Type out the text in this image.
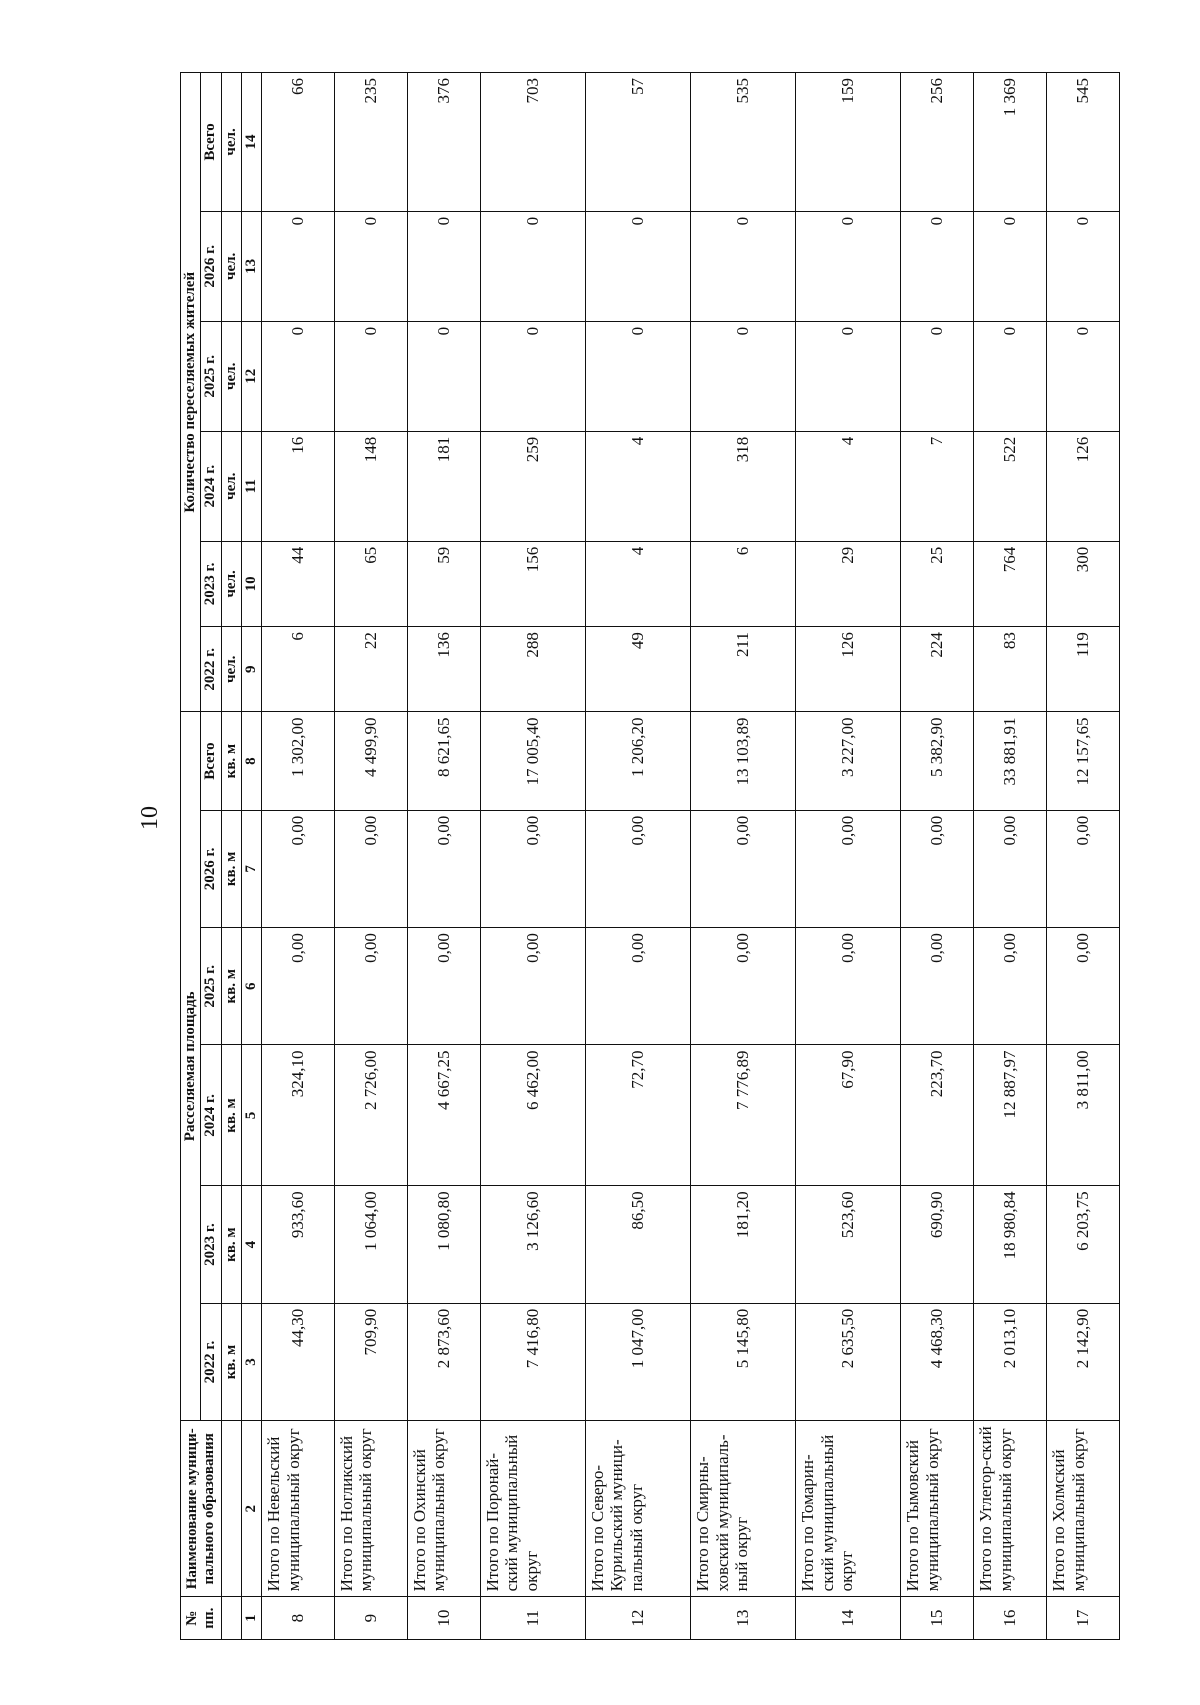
10
№ пп.	Наименование муници-пального образования	Расселяемая площадь						Количество переселяемых жителей					
		2022 г.	2023 г.	2024 г.	2025 г.	2026 г.	Всего	2022 г.	2023 г.	2024 г.	2025 г.	2026 г.	Всего
		кв. м	кв. м	кв. м	кв. м	кв. м	кв. м	чел.	чел.	чел.	чел.	чел.	чел.
1	2	3	4	5	6	7	8	9	10	11	12	13	14
8	Итого по Невельский муниципальный округ	44,30	933,60	324,10	0,00	0,00	1 302,00	6	44	16	0	0	66
9	Итого по Ногликский муниципальный округ	709,90	1 064,00	2 726,00	0,00	0,00	4 499,90	22	65	148	0	0	235
10	Итого по Охинский муниципальный округ	2 873,60	1 080,80	4 667,25	0,00	0,00	8 621,65	136	59	181	0	0	376
11	Итого по Поронай-ский муниципальный округ	7 416,80	3 126,60	6 462,00	0,00	0,00	17 005,40	288	156	259	0	0	703
12	Итого по Северо-Курильский муници-пальный округ	1 047,00	86,50	72,70	0,00	0,00	1 206,20	49	4	4	0	0	57
13	Итого по Смирны-ховский муниципаль-ный округ	5 145,80	181,20	7 776,89	0,00	0,00	13 103,89	211	6	318	0	0	535
14	Итого по Томарин-ский муниципальный округ	2 635,50	523,60	67,90	0,00	0,00	3 227,00	126	29	4	0	0	159
15	Итого по Тымовский муниципальный округ	4 468,30	690,90	223,70	0,00	0,00	5 382,90	224	25	7	0	0	256
16	Итого по Углегор-ский муниципальный округ	2 013,10	18 980,84	12 887,97	0,00	0,00	33 881,91	83	764	522	0	0	1 369
17	Итого по Холмский муниципальный округ	2 142,90	6 203,75	3 811,00	0,00	0,00	12 157,65	119	300	126	0	0	545
